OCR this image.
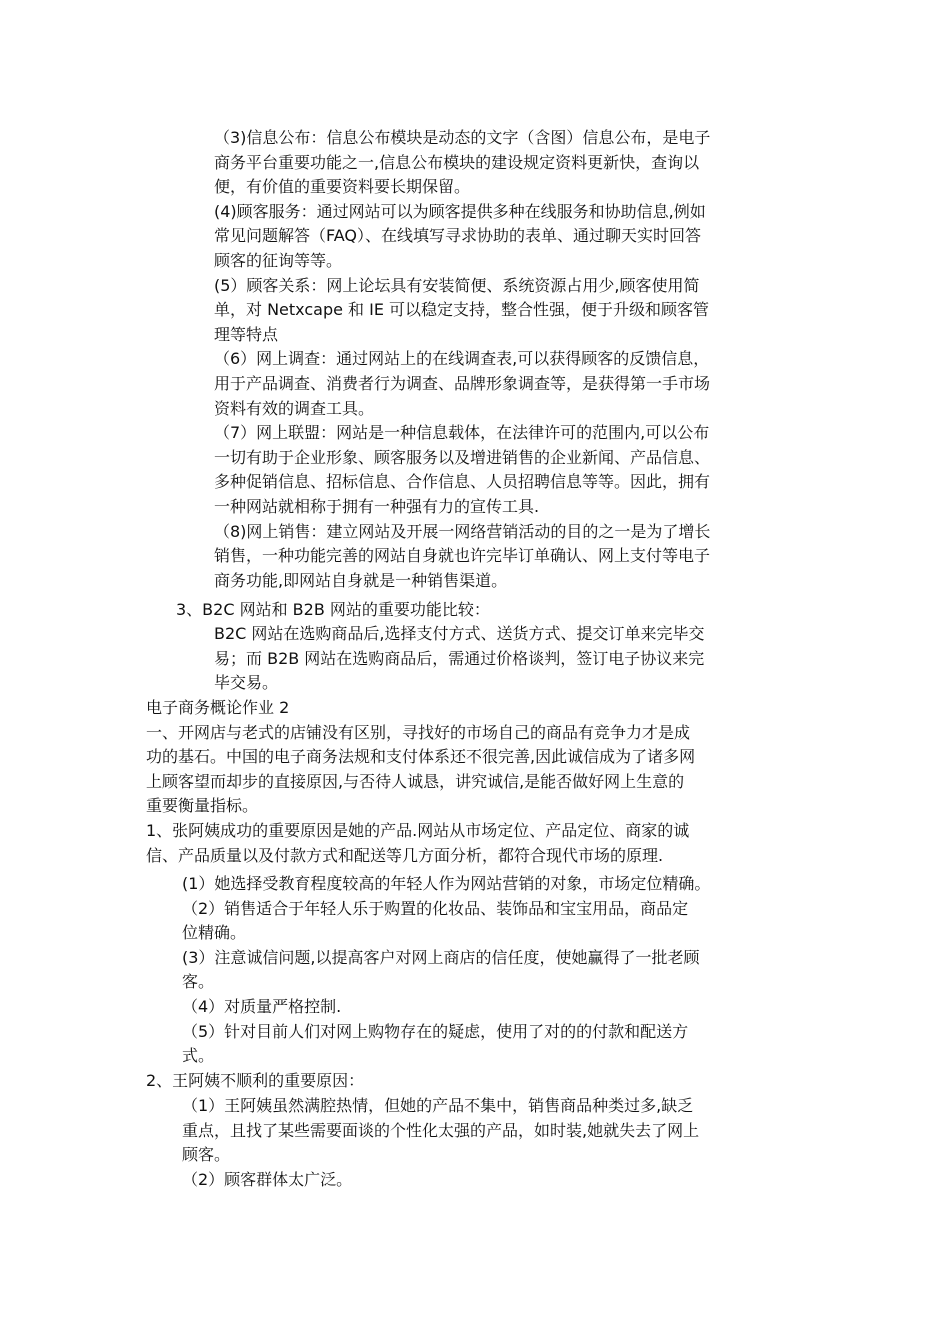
（3)信息公布：信息公布模块是动态的文字（含图）信息公布，是电子
商务平台重要功能之一,信息公布模块的建设规定资料更新快，查询以
便，有价值的重要资料要长期保留。
(4)顾客服务：通过网站可以为顾客提供多种在线服务和协助信息,例如
常见问题解答（FAQ）、在线填写寻求协助的表单、通过聊天实时回答
顾客的征询等等。
(5）顾客关系：网上论坛具有安装简便、系统资源占用少,顾客使用简
单，对 Netxcape 和 IE 可以稳定支持，整合性强，便于升级和顾客管
理等特点
（6）网上调查：通过网站上的在线调查表,可以获得顾客的反馈信息，
用于产品调查、消费者行为调查、品牌形象调查等，是获得第一手市场
资料有效的调查工具。
（7）网上联盟：网站是一种信息载体，在法律许可的范围内,可以公布
一切有助于企业形象、顾客服务以及增进销售的企业新闻、产品信息、
多种促销信息、招标信息、合作信息、人员招聘信息等等。因此，拥有
一种网站就相称于拥有一种强有力的宣传工具.
（8)网上销售：建立网站及开展一网络营销活动的目的之一是为了增长
销售，一种功能完善的网站自身就也许完毕订单确认、网上支付等电子
商务功能,即网站自身就是一种销售渠道。
3、B2C 网站和 B2B 网站的重要功能比较：
B2C 网站在选购商品后,选择支付方式、送货方式、提交订单来完毕交
易；而 B2B 网站在选购商品后，需通过价格谈判，签订电子协议来完
毕交易。
电子商务概论作业 2
一、开网店与老式的店铺没有区别，寻找好的市场自己的商品有竞争力才是成
功的基石。中国的电子商务法规和支付体系还不很完善,因此诚信成为了诸多网
上顾客望而却步的直接原因,与否待人诚恳，讲究诚信,是能否做好网上生意的
重要衡量指标。
1、张阿姨成功的重要原因是她的产品.网站从市场定位、产品定位、商家的诚
信、产品质量以及付款方式和配送等几方面分析，都符合现代市场的原理.
(1）她选择受教育程度较高的年轻人作为网站营销的对象，市场定位精确。
（2）销售适合于年轻人乐于购置的化妆品、装饰品和宝宝用品，商品定
位精确。
(3）注意诚信问题,以提高客户对网上商店的信任度，使她赢得了一批老顾
客。
（4）对质量严格控制.
（5）针对目前人们对网上购物存在的疑虑，使用了对的的付款和配送方
式。
2、王阿姨不顺利的重要原因：
（1）王阿姨虽然满腔热情，但她的产品不集中，销售商品种类过多,缺乏
重点，且找了某些需要面谈的个性化太强的产品，如时装,她就失去了网上
顾客。
（2）顾客群体太广泛。
